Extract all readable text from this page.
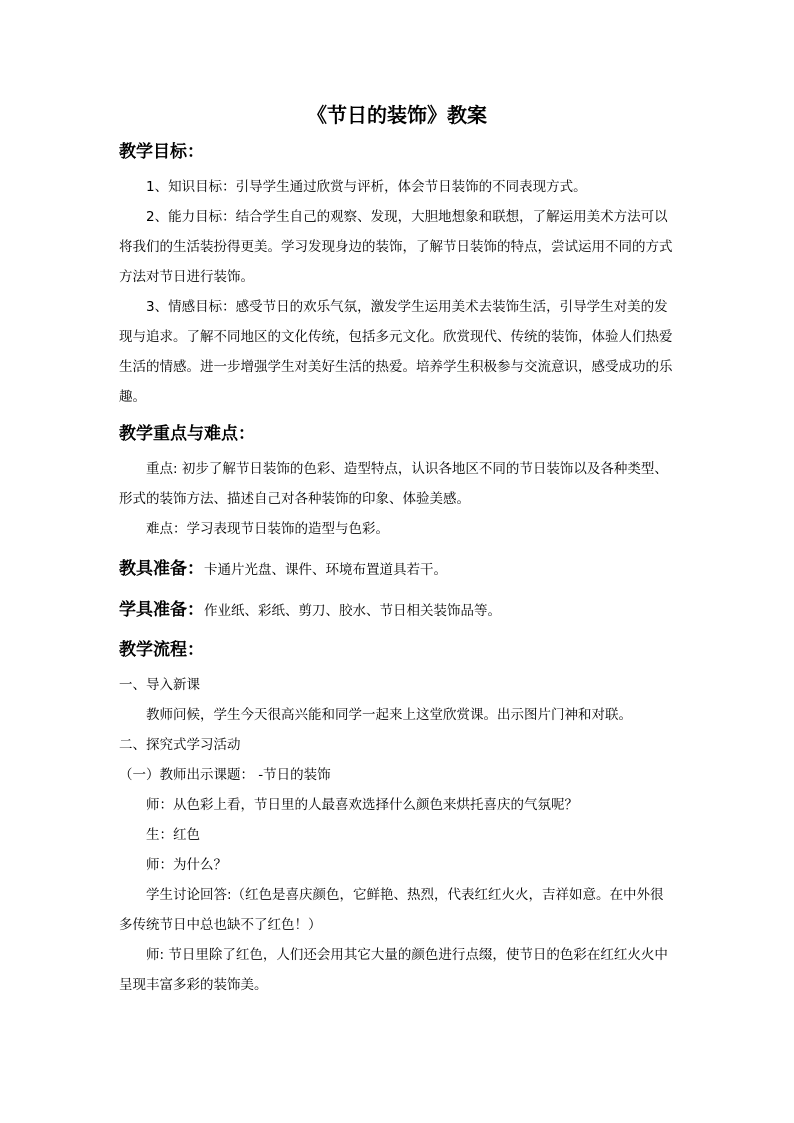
《节日的装饰》教案
教学目标：

1、知识目标：引导学生通过欣赏与评析，体会节日装饰的不同表现方式。

2、能力目标：结合学生自己的观察、发现，大胆地想象和联想，了解运用美术方法可以将我们的生活装扮得更美。学习发现身边的装饰，了解节日装饰的特点，尝试运用不同的方式方法对节日进行装饰。

3、情感目标：感受节日的欢乐气氛，激发学生运用美术去装饰生活，引导学生对美的发现与追求。了解不同地区的文化传统，包括多元文化。欣赏现代、传统的装饰，体验人们热爱生活的情感。进一步增强学生对美好生活的热爱。培养学生积极参与交流意识，感受成功的乐趣。

教学重点与难点：

重点: 初步了解节日装饰的色彩、造型特点，认识各地区不同的节日装饰以及各种类型、形式的装饰方法、描述自己对各种装饰的印象、体验美感。

难点：学习表现节日装饰的造型与色彩。

教具准备：卡通片光盘、课件、环境布置道具若干。
学具准备：作业纸、彩纸、剪刀、胶水、节日相关装饰品等。
教学流程：

一、导入新课

教师问候，学生今天很高兴能和同学一起来上这堂欣赏课。出示图片门神和对联。

二、探究式学习活动

（一）教师出示课题： -节日的装饰

师：从色彩上看，节日里的人最喜欢选择什么颜色来烘托喜庆的气氛呢？

生：红色

师：为什么？

学生讨论回答:（红色是喜庆颜色，它鲜艳、热烈，代表红红火火，吉祥如意。在中外很多传统节日中总也缺不了红色！）

师: 节日里除了红色，人们还会用其它大量的颜色进行点缀，使节日的色彩在红红火火中呈现丰富多彩的装饰美。
